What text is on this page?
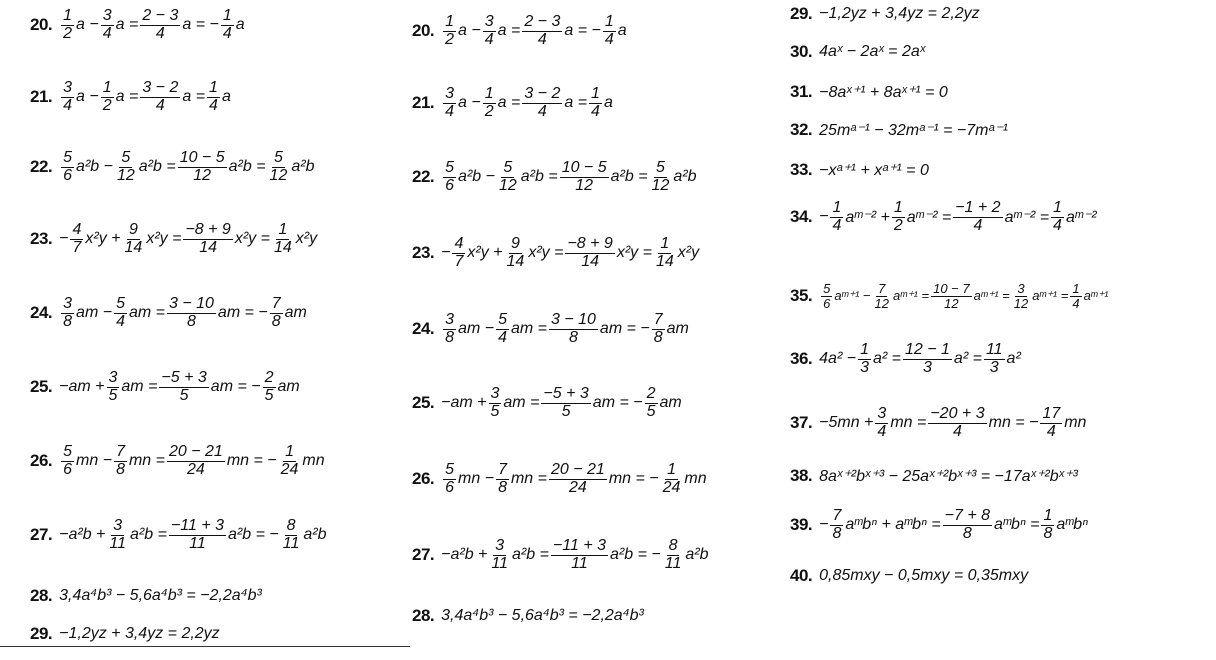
20. $\frac{1}{2}$ $a - \frac{3}{4}$ $a = \frac{2 - 3}{4}$ a = − $\frac{1}{4}$ a
21. $\frac{3}{4}$ $a - \frac{1}{2}$ $a = \frac{3 - 2}{4}$ $a = \frac{1}{4}$ a
22. $\frac{5}{6} a^2b - \frac{5}{12} a^2b = \frac{10 - 5}{12} a^2b = \frac{5}{12} a^2b$
23. − $\frac{4}{7} x^2y + \frac{9}{14} x^2y = \frac{-8 + 9}{14} x^2y = \frac{1}{14} x^2y$
24. $\frac{3}{8}$ am − $\frac{5}{4}$ am = $\frac{3 - 10}{8}$ am = − $\frac{7}{8}$ am
25. $-am + \frac{3}{5}$ am = $\frac{-5 + 3}{5}$ am = − $\frac{2}{5}$ am
26. $\frac{5}{6}$ mn − $\frac{7}{8}$ mn = $\frac{20 - 21}{24}$ mn = − $\frac{1}{24}$ mn
27. $-a^2b + \frac{3}{11} a^2b = \frac{-11 + 3}{11} a^2b$ = − $\frac{8}{11} a^2b$
28. 3,4a⁴b³ − 5,6a⁴b³ = −2,2a⁴b³
29. −1,2yz + 3,4yz = 2,2yz
20. $\frac{1}{2}$ $a - \frac{3}{4}$ $a = \frac{2 - 3}{4}$ a = − $\frac{1}{4}$ a
21. $\frac{3}{4}$ $a - \frac{1}{2}$ $a = \frac{3 - 2}{4}$ $a = \frac{1}{4}$ a
22. $\frac{5}{6} a^2b - \frac{5}{12} a^2b = \frac{10 - 5}{12} a^2b = \frac{5}{12} a^2b$
23. − $\frac{4}{7} x^2y + \frac{9}{14} x^2y = \frac{-8 + 9}{14} x^2y = \frac{1}{14} x^2y$
24. $\frac{3}{8}$ am − $\frac{5}{4}$ am = $\frac{3 - 10}{8}$ am = − $\frac{7}{8}$ am
25. $-am + \frac{3}{5}$ am = $\frac{-5 + 3}{5}$ am = − $\frac{2}{5}$ am
26. $\frac{5}{6}$ mn − $\frac{7}{8}$ mn = $\frac{20 - 21}{24}$ mn = − $\frac{1}{24}$ mn
27. $-a^2b + \frac{3}{11} a^2b = \frac{-11 + 3}{11} a^2b$ = − $\frac{8}{11} a^2b$
28. 3,4a⁴b³ − 5,6a⁴b³ = −2,2a⁴b³
29. −1,2yz + 3,4yz = 2,2yz
30. 4aˣ − 2aˣ = 2aˣ
31. −8aˣ⁺¹ + 8aˣ⁺¹ = 0
32. 25mᵃ⁻¹ − 32mᵃ⁻¹ = −7mᵃ⁻¹
33. −xᵃ⁺¹ + xᵃ⁺¹ = 0
34. − $\frac{1}{4}$ aᵐ⁻² + $\frac{1}{2}$ aᵐ⁻² = $\frac{-1 + 2}{4}$ aᵐ⁻² = $\frac{1}{4}$ aᵐ⁻²
35. $\frac{5}{6}$ aᵐ⁺¹ − $\frac{7}{12}$ aᵐ⁺¹ = $\frac{10 - 7}{12}$ aᵐ⁺¹ = $\frac{3}{12}$ aᵐ⁺¹ = $\frac{1}{4}$ aᵐ⁺¹
36. $4a^2 - \frac{1}{3} a^2 = \frac{12 - 1}{3} a^2 = \frac{11}{3} a^2$
37. $-5mn + \frac{3}{4}$ mn = $\frac{-20 + 3}{4}$ mn = − $\frac{17}{4}$ mn
38. 8aˣ⁺²bˣ⁺³ − 25aˣ⁺²bˣ⁺³ = −17aˣ⁺²bˣ⁺³
39. − $\frac{7}{8}$ aᵐbⁿ + aᵐbⁿ = $\frac{-7 + 8}{8}$ aᵐbⁿ = $\frac{1}{8}$ aᵐbⁿ
40. 0,85mxy − 0,5mxy = 0,35mxy
